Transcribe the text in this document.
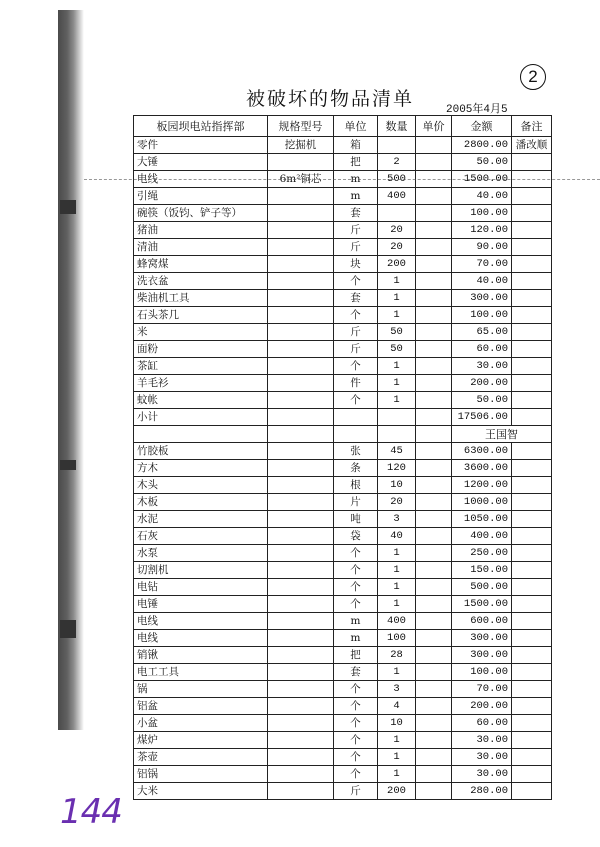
2
被破坏的物品清单	2005年4月5
板园坝电站指挥部	规格型号	单位	数量	单价	金额	备注
零件	挖掘机	箱			2800.00	潘改顺
大锤		把	2		50.00	
电线	6m²铜芯	m	500		1500.00	
引绳		m	400		40.00	
碗筷（饭钧、铲子等）		套			100.00	
猪油		斤	20		120.00	
清油		斤	20		90.00	
蜂窝煤		块	200		70.00	
洗衣盆		个	1		40.00	
柴油机工具		套	1		300.00	
石头茶几		个	1		100.00	
米		斤	50		65.00	
面粉		斤	50		60.00	
茶缸		个	1		30.00	
羊毛衫		件	1		200.00	
蚊帐		个	1		50.00	
小计					17506.00	
					王国智	
竹胶板		张	45		6300.00	
方木		条	120		3600.00	
木头		根	10		1200.00	
木板		片	20		1000.00	
水泥		吨	3		1050.00	
石灰		袋	40		400.00	
水泵		个	1		250.00	
切割机		个	1		150.00	
电钻		个	1		500.00	
电锤		个	1		1500.00	
电线		m	400		600.00	
电线		m	100		300.00	
销锹		把	28		300.00	
电工工具		套	1		100.00	
锅		个	3		70.00	
铝盆		个	4		200.00	
小盆		个	10		60.00	
煤炉		个	1		30.00	
茶壶		个	1		30.00	
铝锅		个	1		30.00	
大米		斤	200		280.00	
144
